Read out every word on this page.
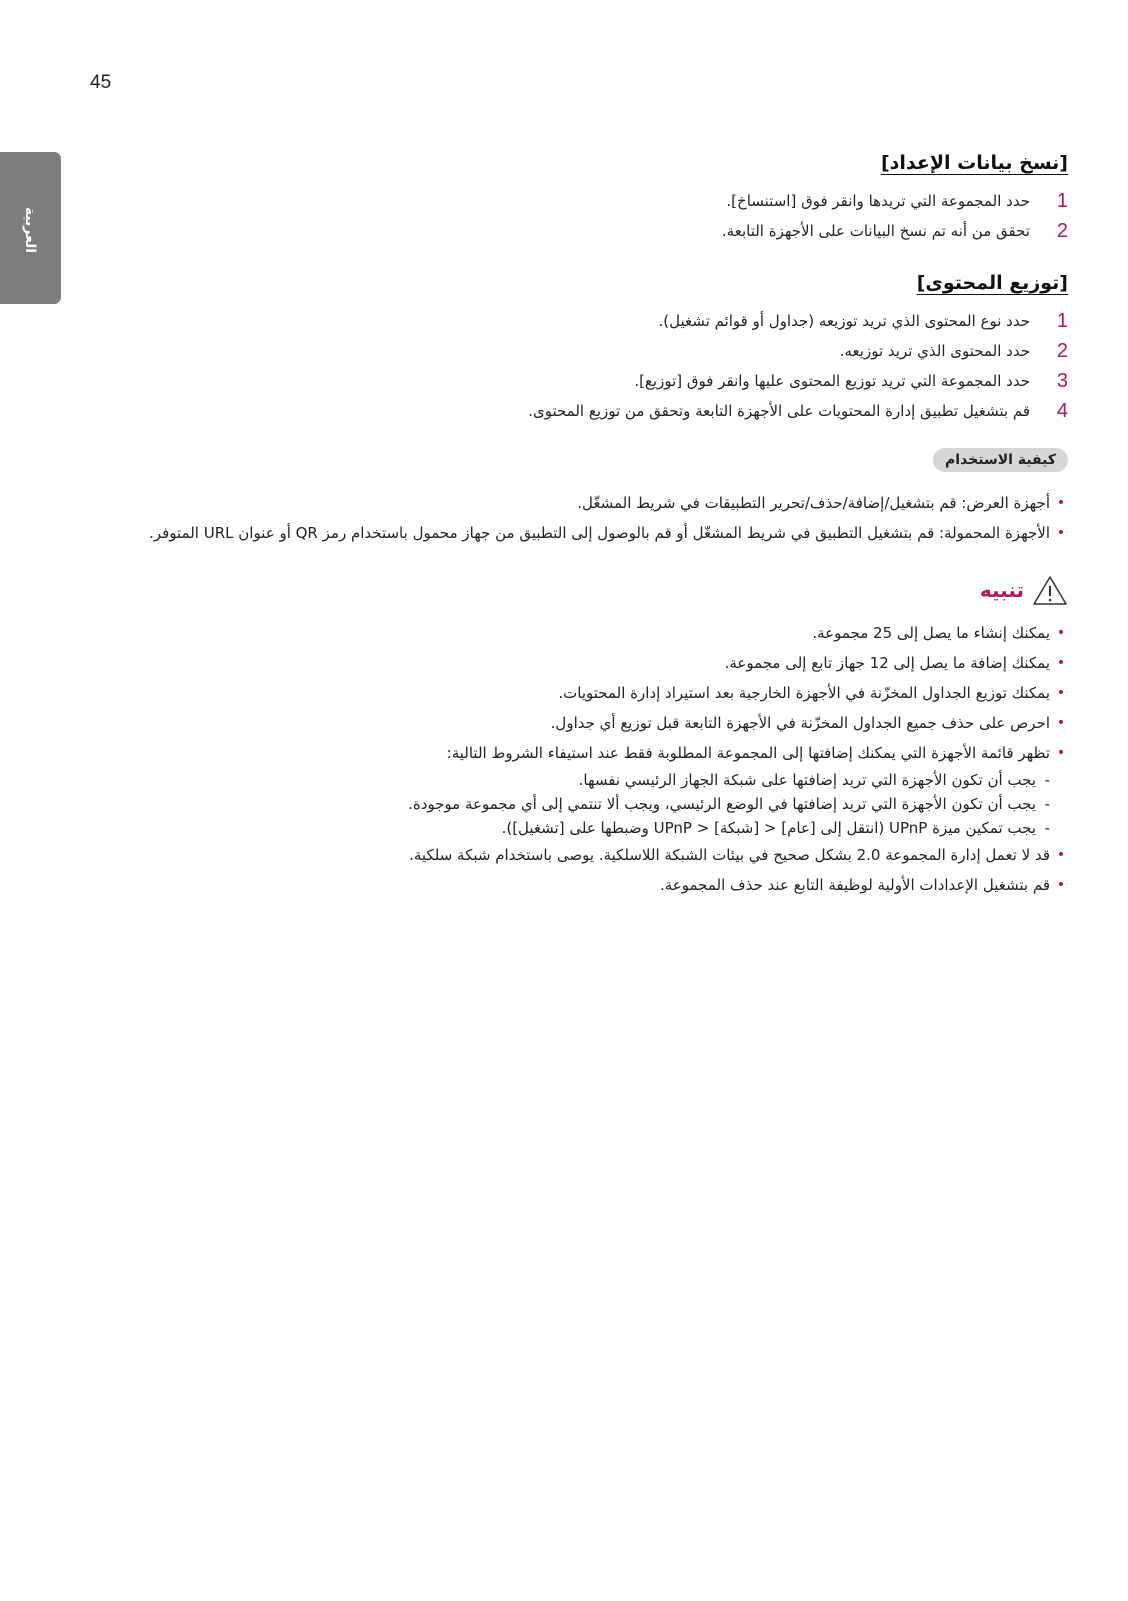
45
العربية
[نسخ بيانات الإعداد]
1
حدد المجموعة التي تريدها وانقر فوق [استنساخ].
2
تحقق من أنه تم نسخ البيانات على الأجهزة التابعة.
[توزيع المحتوى]
1
حدد نوع المحتوى الذي تريد توزيعه (جداول أو قوائم تشغيل).
2
حدد المحتوى الذي تريد توزيعه.
3
حدد المجموعة التي تريد توزيع المحتوى عليها وانقر فوق [توزيع].
4
قم بتشغيل تطبيق إدارة المحتويات على الأجهزة التابعة وتحقق من توزيع المحتوى.
كيفية الاستخدام
•
أجهزة العرض: قم بتشغيل/إضافة/حذف/تحرير التطبيقات في شريط المشغّل.
•
الأجهزة المحمولة: قم بتشغيل التطبيق في شريط المشغّل أو قم بالوصول إلى التطبيق من جهاز محمول باستخدام رمز QR أو عنوان URL المتوفر.
تنبيه
•
يمكنك إنشاء ما يصل إلى 25 مجموعة.
•
يمكنك إضافة ما يصل إلى 12 جهاز تابع إلى مجموعة.
•
يمكنك توزيع الجداول المخزّنة في الأجهزة الخارجية بعد استيراد إدارة المحتويات.
•
احرص على حذف جميع الجداول المخزّنة في الأجهزة التابعة قبل توزيع أي جداول.
•
تظهر قائمة الأجهزة التي يمكنك إضافتها إلى المجموعة المطلوبة فقط عند استيفاء الشروط التالية:
-
يجب أن تكون الأجهزة التي تريد إضافتها على شبكة الجهاز الرئيسي نفسها.
-
يجب أن تكون الأجهزة التي تريد إضافتها في الوضع الرئيسي، ويجب ألا تنتمي إلى أي مجموعة موجودة.
-
يجب تمكين ميزة UPnP (انتقل إلى [عام] < [شبكة] < UPnP وضبطها على [تشغيل]).
•
قد لا تعمل إدارة المجموعة 2.0 بشكل صحيح في بيئات الشبكة اللاسلكية. يوصى باستخدام شبكة سلكية.
•
قم بتشغيل الإعدادات الأولية لوظيفة التابع عند حذف المجموعة.
